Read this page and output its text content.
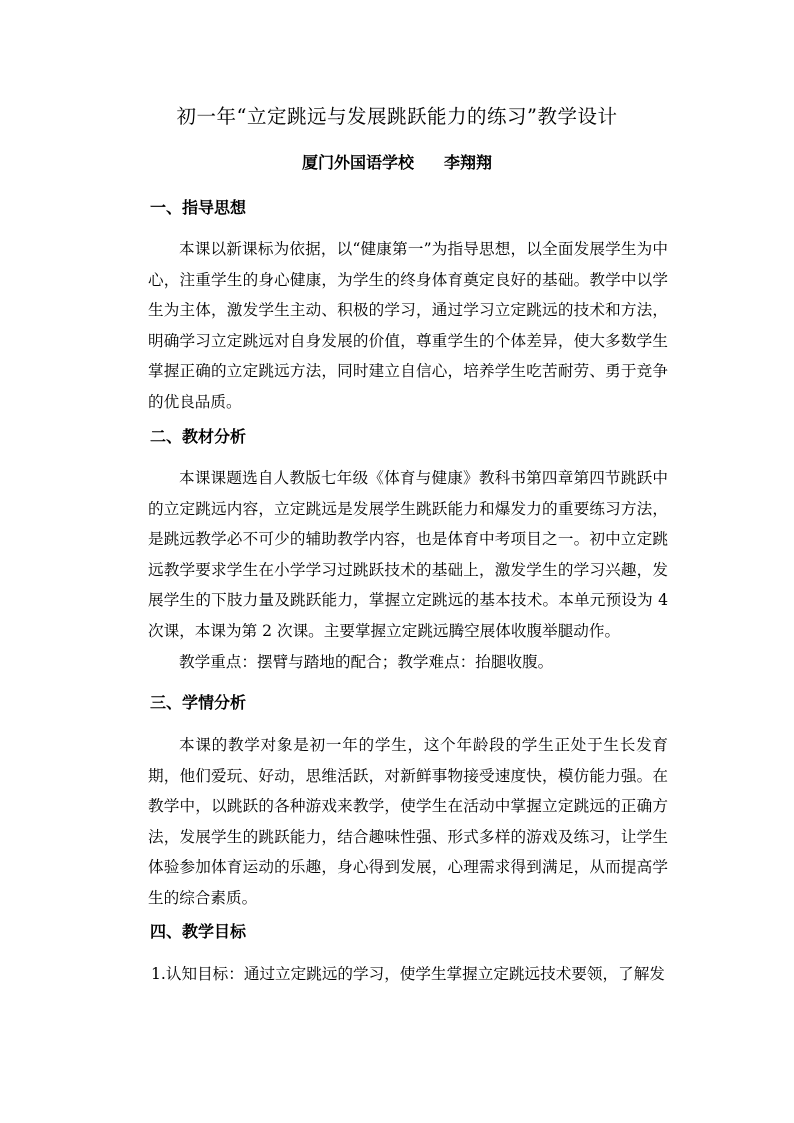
初一年“立定跳远与发展跳跃能力的练习”教学设计
厦门外国语学校 李翔翔
一、指导思想
本课以新课标为依据，以“健康第一”为指导思想，以全面发展学生为中心，注重学生的身心健康，为学生的终身体育奠定良好的基础。教学中以学生为主体，激发学生主动、积极的学习，通过学习立定跳远的技术和方法，明确学习立定跳远对自身发展的价值，尊重学生的个体差异，使大多数学生掌握正确的立定跳远方法，同时建立自信心，培养学生吃苦耐劳、勇于竞争的优良品质。
二、教材分析
本课课题选自人教版七年级《体育与健康》教科书第四章第四节跳跃中的立定跳远内容，立定跳远是发展学生跳跃能力和爆发力的重要练习方法，是跳远教学必不可少的辅助教学内容，也是体育中考项目之一。初中立定跳远教学要求学生在小学学习过跳跃技术的基础上，激发学生的学习兴趣，发展学生的下肢力量及跳跃能力，掌握立定跳远的基本技术。本单元预设为 4 次课，本课为第 2 次课。主要掌握立定跳远腾空展体收腹举腿动作。
教学重点：摆臂与踏地的配合；教学难点：抬腿收腹。
三、学情分析
本课的教学对象是初一年的学生，这个年龄段的学生正处于生长发育期，他们爱玩、好动，思维活跃，对新鲜事物接受速度快，模仿能力强。在教学中，以跳跃的各种游戏来教学，使学生在活动中掌握立定跳远的正确方法，发展学生的跳跃能力，结合趣味性强、形式多样的游戏及练习，让学生体验参加体育运动的乐趣，身心得到发展，心理需求得到满足，从而提高学生的综合素质。
四、教学目标
1.认知目标：通过立定跳远的学习，使学生掌握立定跳远技术要领，了解发
